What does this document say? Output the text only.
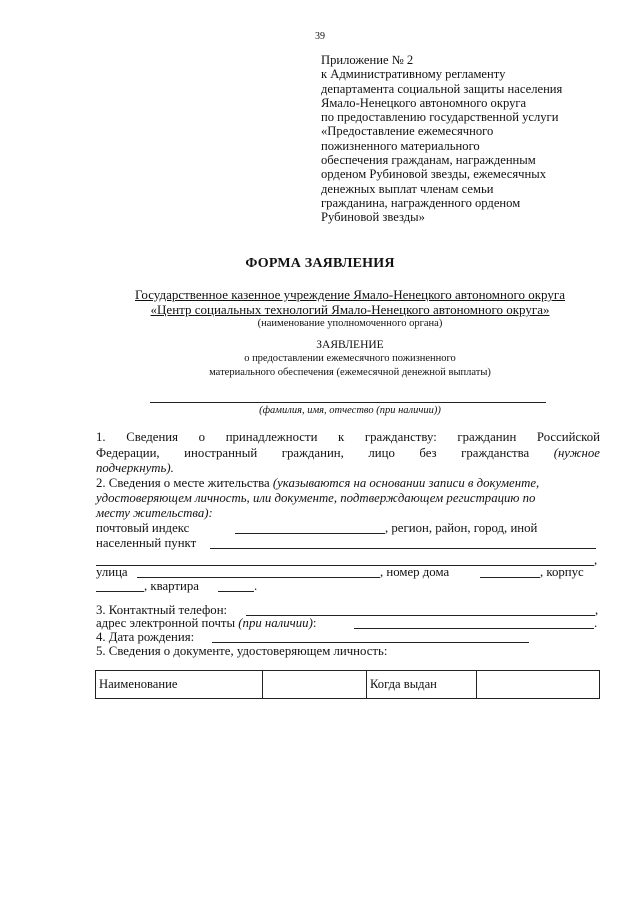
39
Приложение № 2
к Административному регламенту
департамента социальной защиты населения
Ямало-Ненецкого автономного округа
по предоставлению государственной услуги
«Предоставление ежемесячного
пожизненного материального
обеспечения гражданам, награжденным
орденом Рубиновой звезды, ежемесячных
денежных выплат членам семьи
гражданина, награжденного орденом
Рубиновой звезды»
ФОРМА ЗАЯВЛЕНИЯ
Государственное казенное учреждение Ямало-Ненецкого автономного округа
«Центр социальных технологий Ямало-Ненецкого автономного округа»
(наименование уполномоченного органа)
ЗАЯВЛЕНИЕ
о предоставлении ежемесячного пожизненного
материального обеспечения (ежемесячной денежной выплаты)
(фамилия, имя, отчество (при наличии))
1. Сведения о принадлежности к гражданству: гражданин Российской
Федерации, иностранный гражданин, лицо без гражданства (нужное
подчеркнуть).
2. Сведения о месте жительства (указываются на основании записи в документе,
удостоверяющем личность, или документе, подтверждающем регистрацию по
месту жительства):
почтовый индекс	, регион, район, город, иной
населенный пункт
,
улица	, номер дома	, корпус
, квартира	.
3. Контактный телефон:	,
адрес электронной почты (при наличии):	.
4. Дата рождения:
5. Сведения о документе, удостоверяющем личность:
Наименование		Когда выдан	
